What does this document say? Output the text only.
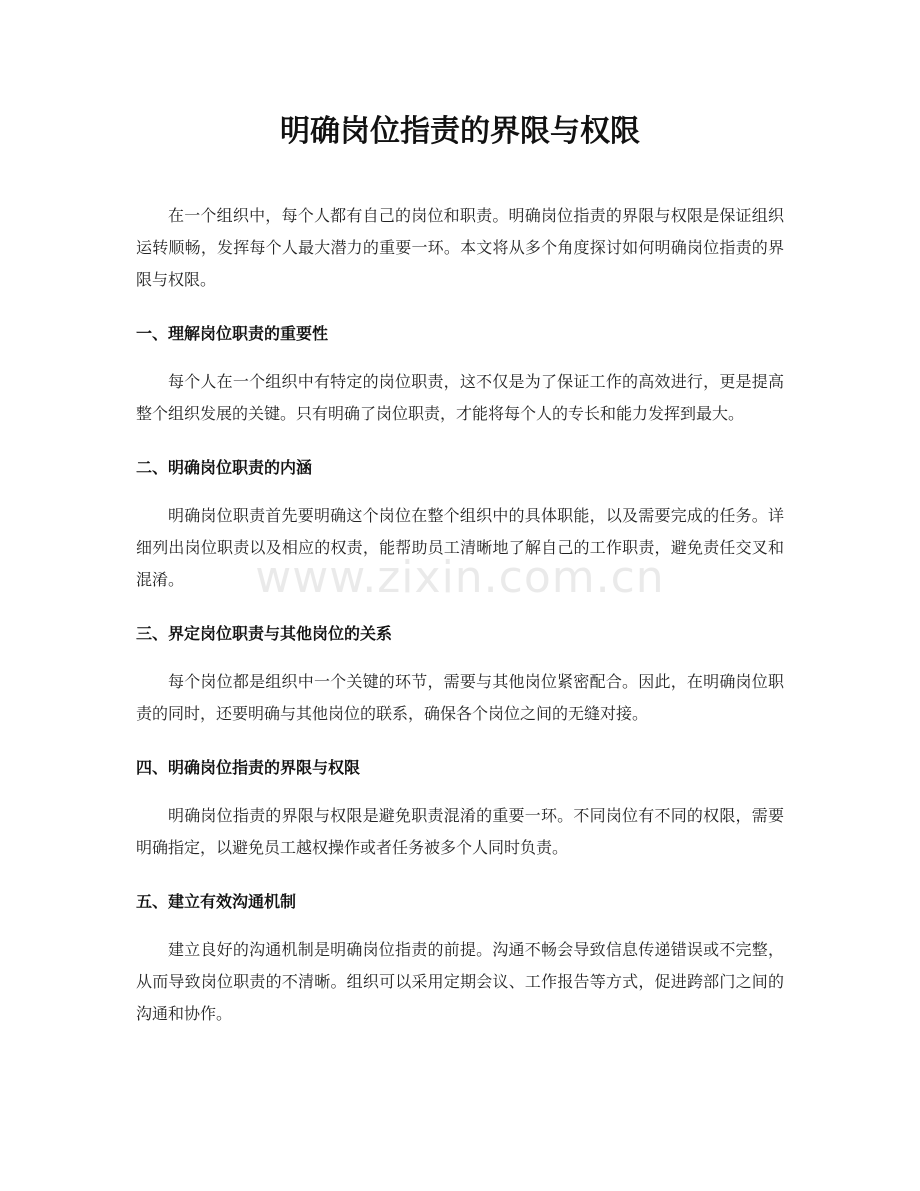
明确岗位指责的界限与权限

在一个组织中，每个人都有自己的岗位和职责。明确岗位指责的界限与权限是保证组织运转顺畅，发挥每个人最大潜力的重要一环。本文将从多个角度探讨如何明确岗位指责的界限与权限。

一、理解岗位职责的重要性

每个人在一个组织中有特定的岗位职责，这不仅是为了保证工作的高效进行，更是提高整个组织发展的关键。只有明确了岗位职责，才能将每个人的专长和能力发挥到最大。

二、明确岗位职责的内涵

明确岗位职责首先要明确这个岗位在整个组织中的具体职能，以及需要完成的任务。详细列出岗位职责以及相应的权责，能帮助员工清晰地了解自己的工作职责，避免责任交叉和混淆。

三、界定岗位职责与其他岗位的关系

每个岗位都是组织中一个关键的环节，需要与其他岗位紧密配合。因此，在明确岗位职责的同时，还要明确与其他岗位的联系，确保各个岗位之间的无缝对接。

四、明确岗位指责的界限与权限

明确岗位指责的界限与权限是避免职责混淆的重要一环。不同岗位有不同的权限，需要明确指定，以避免员工越权操作或者任务被多个人同时负责。

五、建立有效沟通机制

建立良好的沟通机制是明确岗位指责的前提。沟通不畅会导致信息传递错误或不完整，从而导致岗位职责的不清晰。组织可以采用定期会议、工作报告等方式，促进跨部门之间的沟通和协作。

www.zixin.com.cn
